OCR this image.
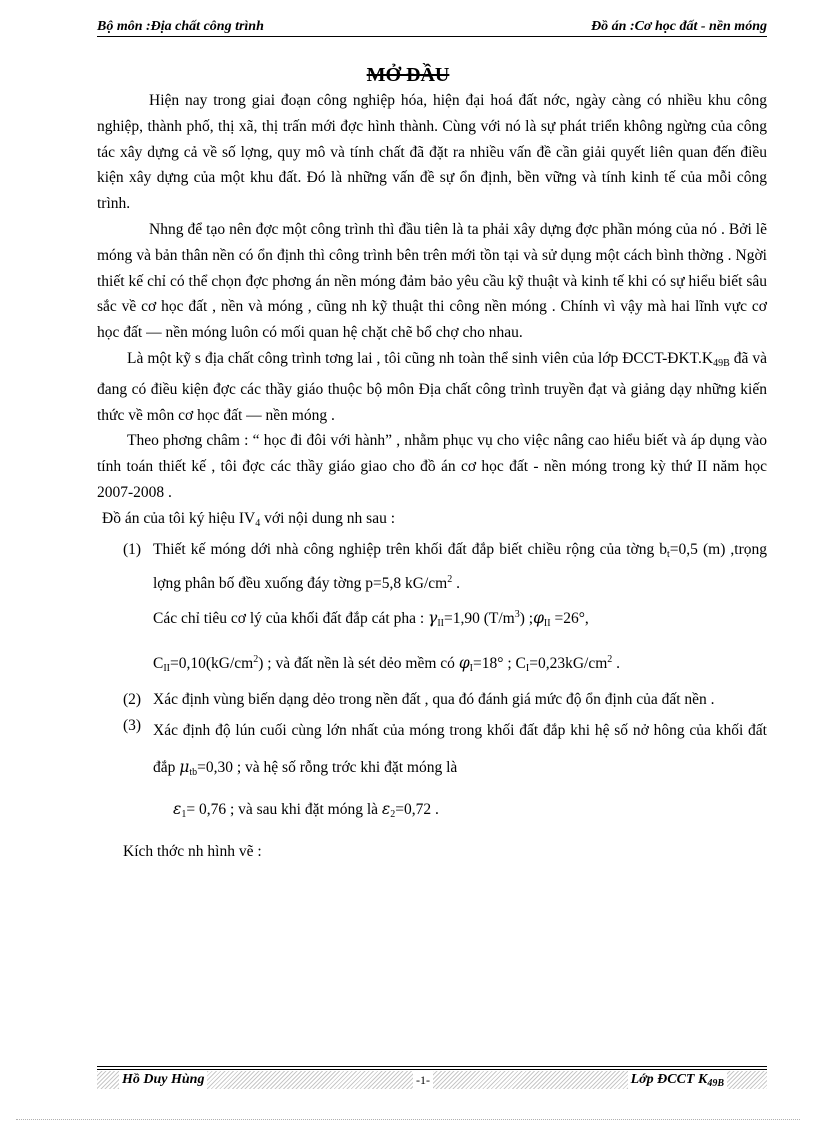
Bộ môn :Địa chất công trình	Đồ án :Cơ học đất - nền móng
MỞ ĐẦU

Hiện nay trong giai đoạn công nghiệp hóa, hiện đại hoá đất nớc, ngày càng có nhiều khu công nghiệp, thành phố, thị xã, thị trấn mới đợc hình thành. Cùng với nó là sự phát triển không ngừng của công tác xây dựng cả về số lợng, quy mô và tính chất đã đặt ra nhiều vấn đề cần giải quyết liên quan đến điều kiện xây dựng của một khu đất. Đó là những vấn đề sự ổn định, bền vững và tính kinh tế của mỗi công trình.

Nhng để tạo nên đợc một công trình thì đầu tiên là ta phải xây dựng đợc phần móng của nó . Bởi lẽ móng và bản thân nền có ổn định thì công trình bên trên mới tồn tại và sử dụng một cách bình thờng . Ngời thiết kế chỉ có thể chọn đợc phơng án nền móng đảm bảo yêu cầu kỹ thuật và kinh tế khi có sự hiểu biết sâu sắc về cơ học đất , nền và móng , cũng nh kỹ thuật thi công nền móng . Chính vì vậy mà hai lĩnh vực cơ học đất — nền móng luôn có mối quan hệ chặt chẽ bổ chợ cho nhau.

Là một kỹ s địa chất công trình tơng lai , tôi cũng nh toàn thể sinh viên của lớp ĐCCT-$ĐKT.K_{49B}$ đã và đang có điều kiện đợc các thầy giáo thuộc bộ môn Địa chất công trình truyền đạt và giảng dạy những kiến thức về môn cơ học đất — nền móng .

Theo phơng châm : “ học đi đôi với hành” , nhằm phục vụ cho việc nâng cao hiểu biết và áp dụng vào tính toán thiết kế , tôi đợc các thầy giáo giao cho đồ án cơ học đất - nền móng trong kỳ thứ II năm học 2007-2008 .

Đồ án của tôi ký hiệu $IV_4$ với nội dung nh sau :

(1) Thiết kế móng dới nhà công nghiệp trên khối đất đắp biết chiều rộng của tờng $b_t=0,5$ (m) ,trọng lợng phân bố đều xuống đáy tờng p=5,8 $kG/cm^2$ .

Các chỉ tiêu cơ lý của khối đất đắp cát pha : $\gamma_{II}=1,90$ $(T/m^3)$ $;\varphi_{II} =26^\circ$,

$C_{II}=0,10(kG/cm^2)$ ; và đất nền là sét dẻo mềm có $\varphi_I=18^\circ$ ; $C_I=0,23kG/cm^2$ .

(2) Xác định vùng biến dạng dẻo trong nền đất , qua đó đánh giá mức độ ổn định của đất nền .

(3) Xác định độ lún cuối cùng lớn nhất của móng trong khối đất đắp khi hệ số nở hông của khối đất đắp $\mu_{tb}=0,30$ ; và hệ số rỗng trớc khi đặt móng là

$\varepsilon_1= 0,76$ ; và sau khi đặt móng là $\varepsilon_2=0,72$ .

Kích thớc nh hình vẽ :

Hồ Duy Hùng	-1-	Lớp ĐCCT $K_{49B}$
